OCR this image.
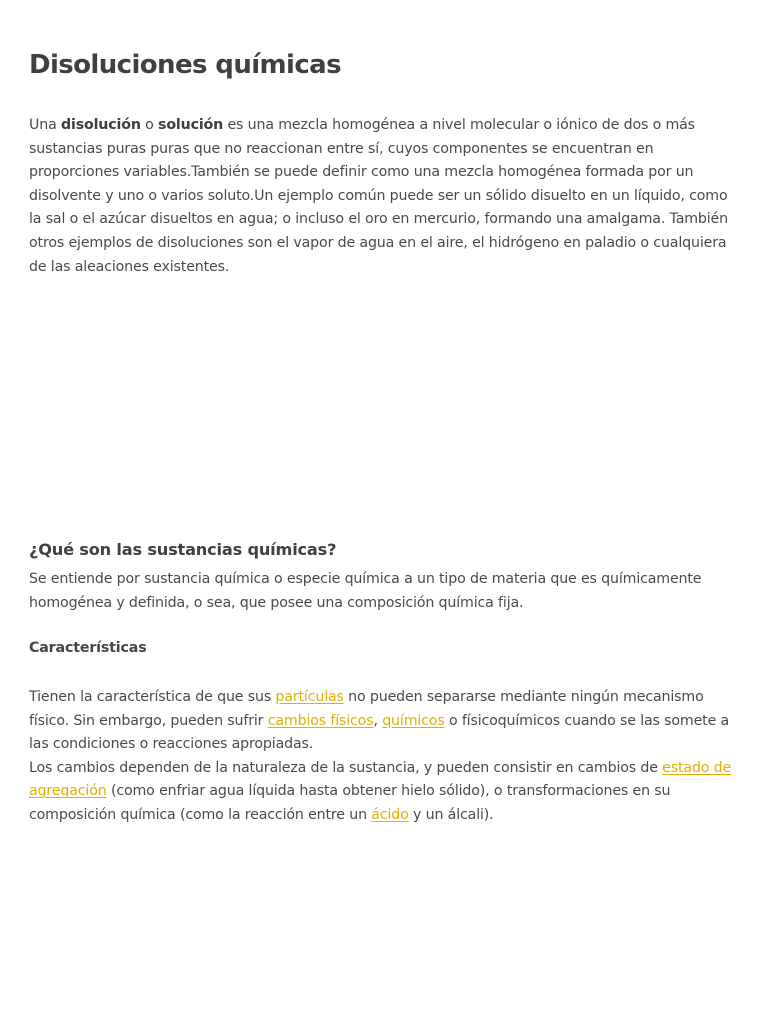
Disoluciones químicas

Una disolución o solución es una mezcla homogénea a nivel molecular o iónico de dos o más sustancias puras puras que no reaccionan entre sí, cuyos componentes se encuentran en proporciones variables.También se puede definir como una mezcla homogénea formada por un disolvente y uno o varios soluto.Un ejemplo común puede ser un sólido disuelto en un líquido, como la sal o el azúcar disueltos en agua; o incluso el oro en mercurio, formando una amalgama. También otros ejemplos de disoluciones son el vapor de agua en el aire, el hidrógeno en paladio o cualquiera de las aleaciones existentes.

¿Qué son las sustancias químicas?

Se entiende por sustancia química o especie química a un tipo de materia que es químicamente homogénea y definida, o sea, que posee una composición química fija.

Características

Tienen la característica de que sus partículas no pueden separarse mediante ningún mecanismo físico. Sin embargo, pueden sufrir cambios físicos, químicos o físicoquímicos cuando se las somete a las condiciones o reacciones apropiadas.
Los cambios dependen de la naturaleza de la sustancia, y pueden consistir en cambios de estado de agregación (como enfriar agua líquida hasta obtener hielo sólido), o transformaciones en su composición química (como la reacción entre un ácido y un álcali).
